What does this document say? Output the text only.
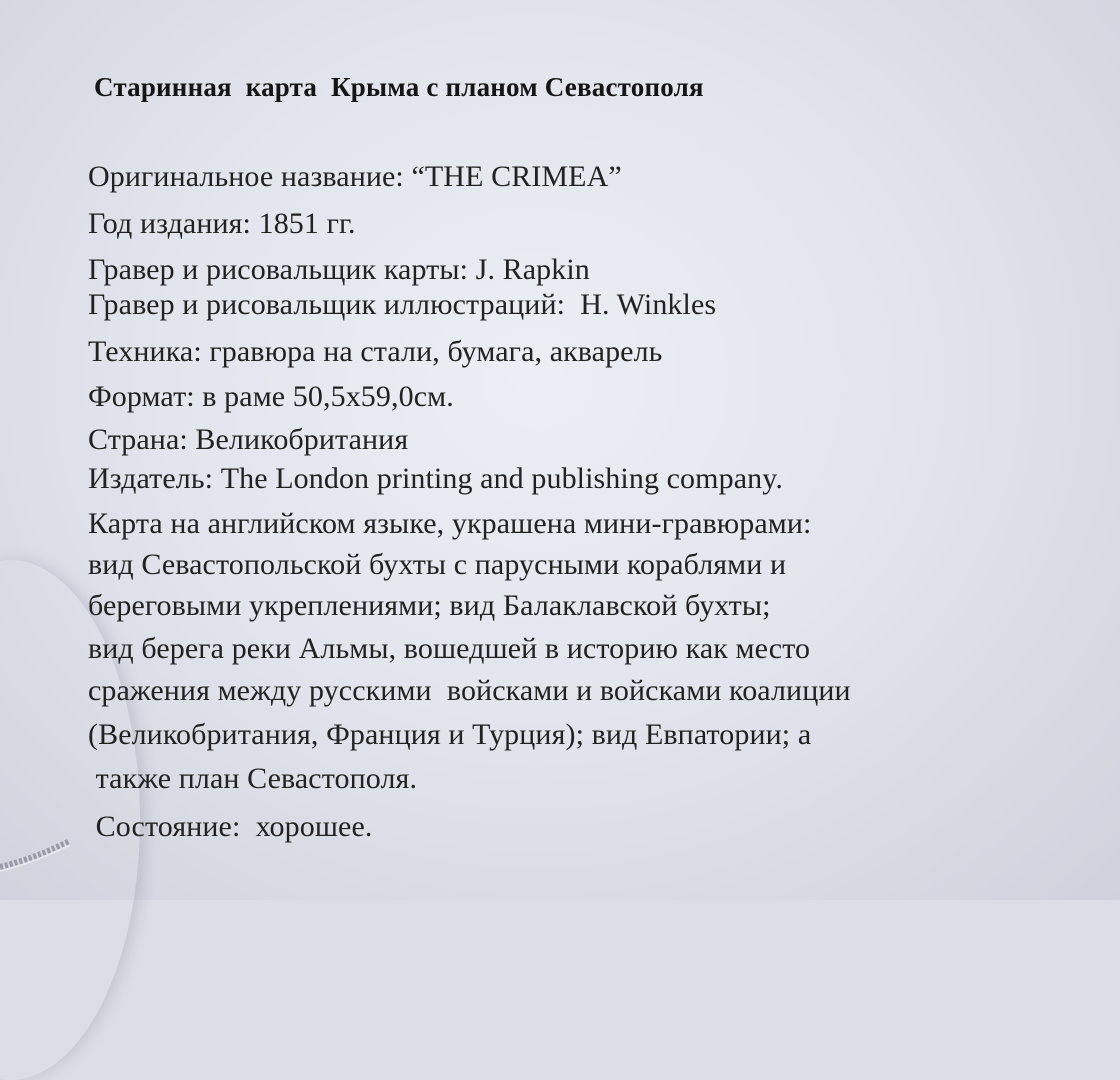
Старинная  карта  Крыма с планом Севастополя
Оригинальное название: “THE CRIMEA”
Год издания: 1851 гг.
Гравер и рисовальщик карты: J. Rapkin
Гравер и рисовальщик иллюстраций:  H. Winkles
Техника: гравюра на стали, бумага, акварель
Формат: в раме 50,5x59,0см.
Страна: Великобритания
Издатель: The London printing and publishing company.
Карта на английском языке, украшена мини-гравюрами:
вид Севастопольской бухты с парусными кораблями и
береговыми укреплениями; вид Балаклавской бухты;
вид берега реки Альмы, вошедшей в историю как место
сражения между русскими  войсками и войсками коалиции
(Великобритания, Франция и Турция); вид Евпатории; а
также план Севастополя.
Состояние:  хорошее.
